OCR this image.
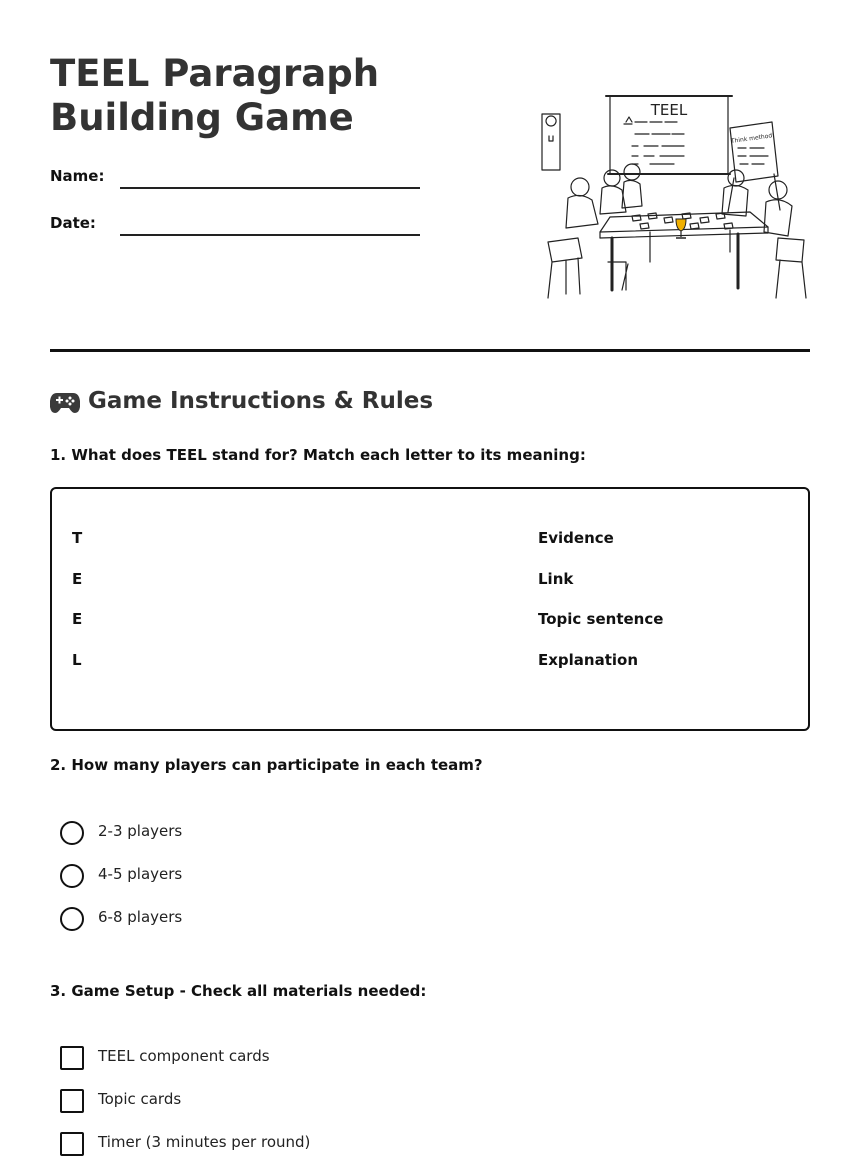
TEEL Paragraph Building Game
Name:
Date:
TEEL
Think method!
Game Instructions & Rules

1. What does TEEL stand for? Match each letter to its meaning:

T	Evidence
E	Link
E	Topic sentence
L	Explanation

2. How many players can participate in each team?

2-3 players
4-5 players
6-8 players

3. Game Setup - Check all materials needed:

TEEL component cards
Topic cards
Timer (3 minutes per round)
